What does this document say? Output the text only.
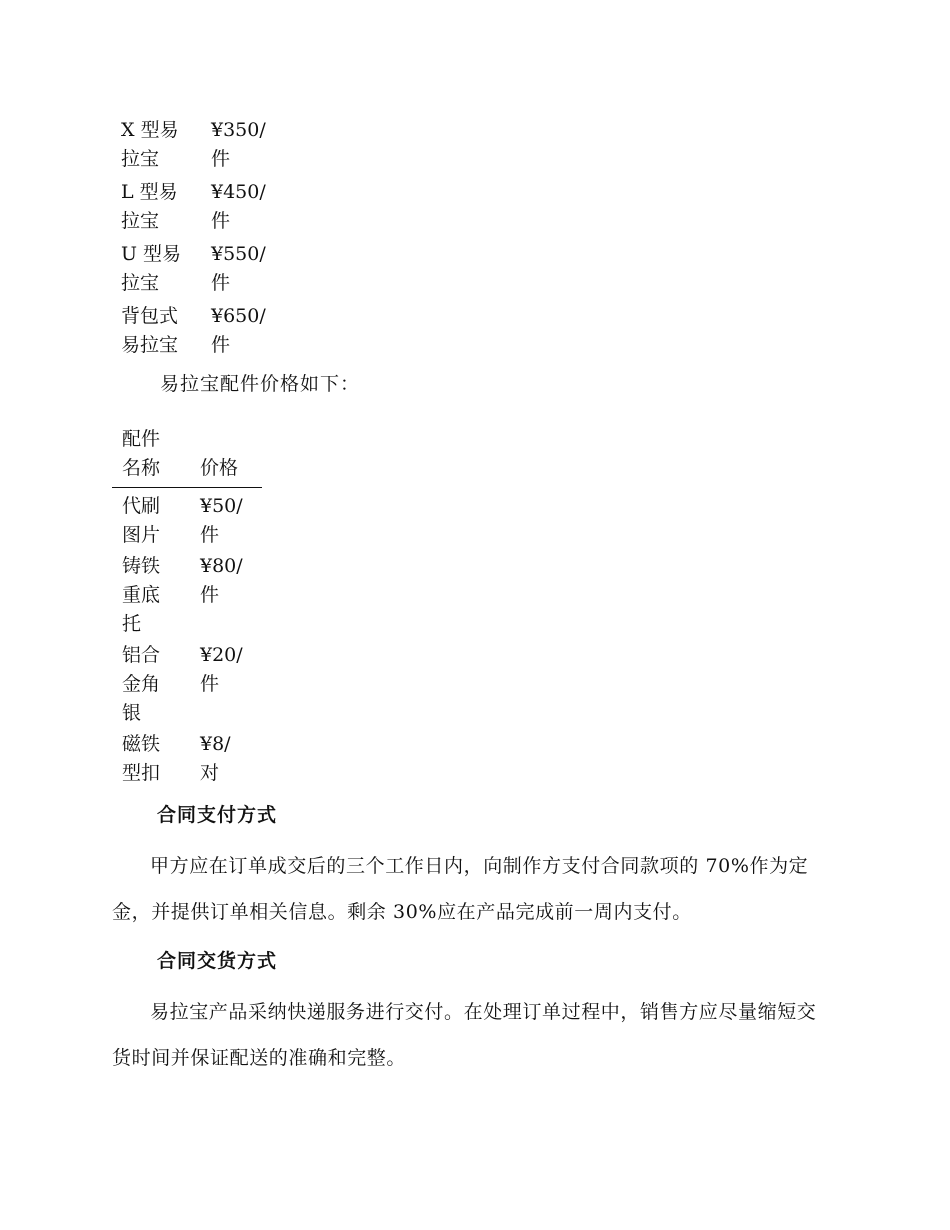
X 型易
拉宝
¥350/
件
L 型易
拉宝
¥450/
件
U 型易
拉宝
¥550/
件
背包式
易拉宝
¥650/
件
易拉宝配件价格如下：
配件
名称	价格
代刷
图片
¥50/
件
铸铁
重底
托
¥80/
件
铝合
金角
银
¥20/
件
磁铁
型扣
¥8/
对
合同支付方式
甲方应在订单成交后的三个工作日内，向制作方支付合同款项的 70%作为定金，并提供订单相关信息。剩余 30%应在产品完成前一周内支付。
合同交货方式
易拉宝产品采纳快递服务进行交付。在处理订单过程中，销售方应尽量缩短交货时间并保证配送的准确和完整。
